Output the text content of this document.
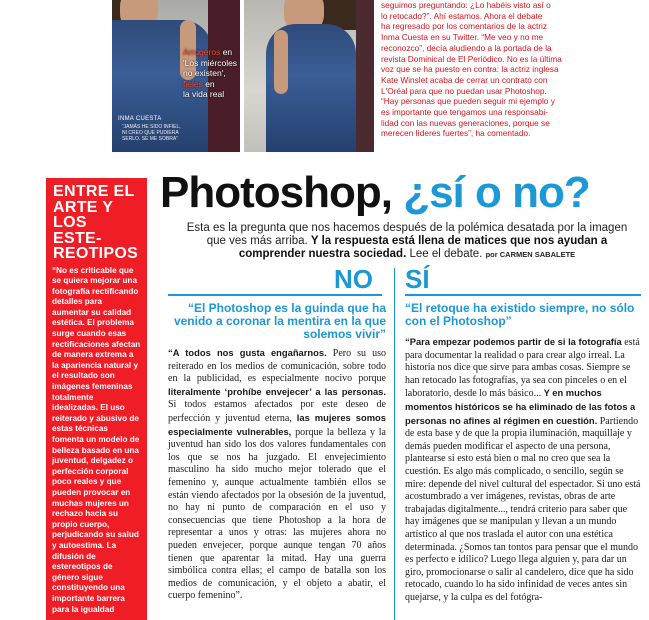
INMA CUESTA
“JAMÁS HE SIDO INFIEL, NI CREO QUE PUDIERA SERLO. SE ME SOBRA”
Arrugeros en
'Los miércoles
no existen',
fieles en
la vida real

seguimos preguntando: ¿Lo habéis visto así o

lo retocado?”. Ahí estamos. Ahora el debate

ha regresado por los comentarios de la actriz

Inma Cuesta en su Twitter. “Me veo y no me

reconozco”, decía aludiendo a la portada de la

revista Dominical de El Periódico. No es la última

voz que se ha puesto en contra: la actriz inglesa

Kate Winslet acaba de cerrar un contrato con

L'Oréal para que no puedan usar Photoshop.

“Hay personas que pueden seguir mi ejemplo y

es importante que tengamos una responsabi-

lidad con las nuevas generaciones, porque se

merecen líderes fuertes”, ha comentado.

ENTRE EL
ARTE Y
LOS ESTE-
REOTIPOS
“No es criticable que se quiera mejorar una fotografía rectificando detalles para aumentar su calidad estética. El problema surge cuando esas rectificaciones afectan de manera extrema a la apariencia natural y el resultado son imágenes femeninas totalmente idealizadas. El uso reiterado y abusivo de estas técnicas fomenta un modelo de belleza basado en una juventud, delgadez o perfección corporal poco reales y que pueden provocar en muchas mujeres un rechazo hacia su propio cuerpo, perjudicando su salud y autoestima. La difusión de estereotipos de género sigue constituyendo una importante barrera para la igualdad
Photoshop, ¿sí o no?
Esta es la pregunta que nos hacemos después de la polémica desatada por la imagen
que ves más arriba. Y la respuesta está llena de matices que nos ayudan a
comprender nuestra sociedad. Lee el debate. por CARMEN SABALETE
NO
“El Photoshop es la guinda que ha venido a coronar la mentira en la que solemos vivir”
“A todos nos gusta engañarnos. Pero su uso reiterado en los medios de comunicación, sobre todo en la publicidad, es especialmente nocivo porque literalmente ‘prohíbe envejecer’ a las personas. Si todos estamos afectados por este deseo de perfección y juventud eterna, las mujeres somos especialmente vulnerables, porque la belleza y la juventud han sido los dos valores fundamentales con los que se nos ha juzgado. El envejecimiento masculino ha sido mucho mejor tolerado que el femenino y, aunque actualmente también ellos se están viendo afectados por la obsesión de la juventud, no hay ni punto de comparación en el uso y consecuencias que tiene Photoshop a la hora de representar a unos y otras: las mujeres ahora no pueden envejecer, porque aunque tengan 70 años tienen que aparentar la mitad. Hay una guerra simbólica contra ellas; el campo de batalla son los medios de comunicación, y el objeto a abatir, el cuerpo femenino”.
SÍ
“El retoque ha existido siempre, no sólo con el Photoshop”
“Para empezar podemos partir de si la fotografía está para documentar la realidad o para crear algo irreal. La historia nos dice que sirve para ambas cosas. Siempre se han retocado las fotografías, ya sea con pinceles o en el laboratorio, desde lo más básico... Y en muchos momentos históricos se ha eliminado de las fotos a personas no afines al régimen en cuestión. Partiendo de esta base y de que la propia iluminación, maquillaje y demás pueden modificar el aspecto de una persona, plantearse si esto está bien o mal no creo que sea la cuestión. Es algo más complicado, o sencillo, según se mire: depende del nivel cultural del espectador. Si uno está acostumbrado a ver imágenes, revistas, obras de arte trabajadas digitalmente..., tendrá criterio para saber que hay imágenes que se manipulan y llevan a un mundo artístico al que nos traslada el autor con una estética determinada. ¿Somos tan tontos para pensar que el mundo es perfecto e idílico? Luego llega alguien y, para dar un giro, promocionarse o salir al candelero, dice que ha sido retocado, cuando lo ha sido infinidad de veces antes sin quejarse, y la culpa es del fotógra-
